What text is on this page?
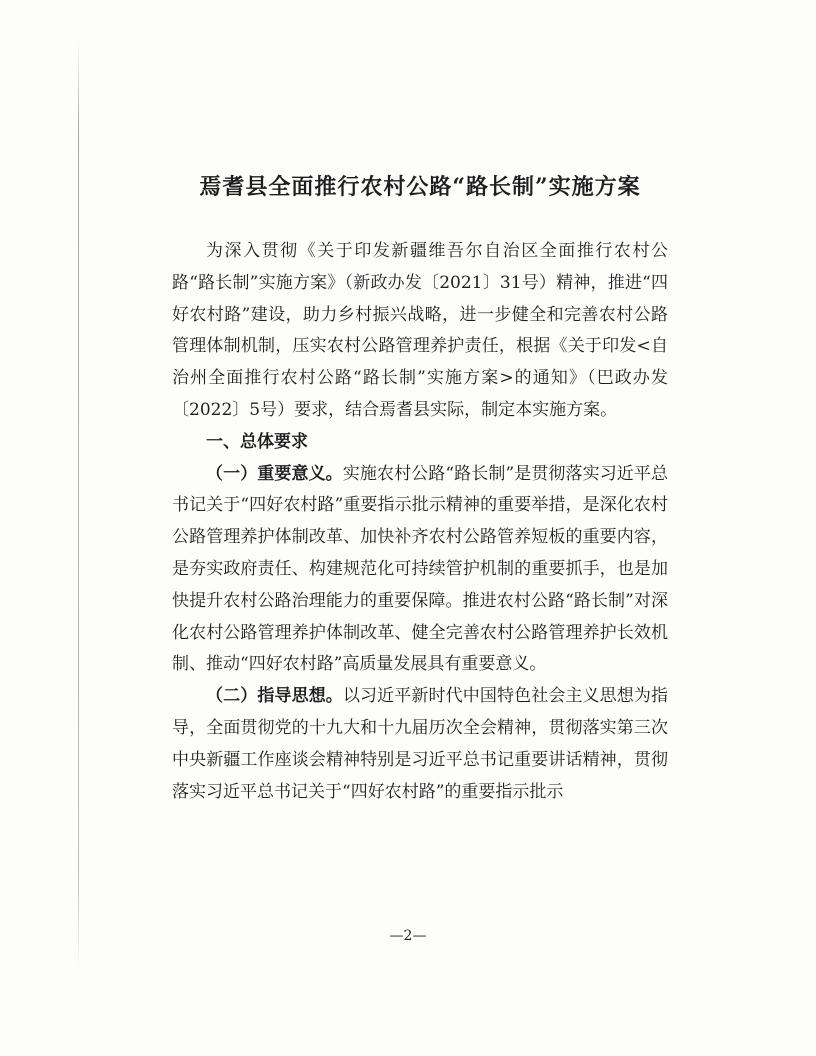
焉耆县全面推行农村公路“路长制”实施方案

为深入贯彻《关于印发新疆维吾尔自治区全面推行农村公路“路长制”实施方案》（新政办发〔2021〕31号）精神，推进“四好农村路”建设，助力乡村振兴战略，进一步健全和完善农村公路管理体制机制，压实农村公路管理养护责任，根据《关于印发<自治州全面推行农村公路“路长制”实施方案>的通知》（巴政办发〔2022〕5号）要求，结合焉耆县实际，制定本实施方案。

一、总体要求

（一）重要意义。实施农村公路“路长制”是贯彻落实习近平总书记关于“四好农村路”重要指示批示精神的重要举措，是深化农村公路管理养护体制改革、加快补齐农村公路管养短板的重要内容，是夯实政府责任、构建规范化可持续管护机制的重要抓手，也是加快提升农村公路治理能力的重要保障。推进农村公路“路长制”对深化农村公路管理养护体制改革、健全完善农村公路管理养护长效机制、推动“四好农村路”高质量发展具有重要意义。

（二）指导思想。以习近平新时代中国特色社会主义思想为指导，全面贯彻党的十九大和十九届历次全会精神，贯彻落实第三次中央新疆工作座谈会精神特别是习近平总书记重要讲话精神，贯彻落实习近平总书记关于“四好农村路”的重要指示批示

—2—
